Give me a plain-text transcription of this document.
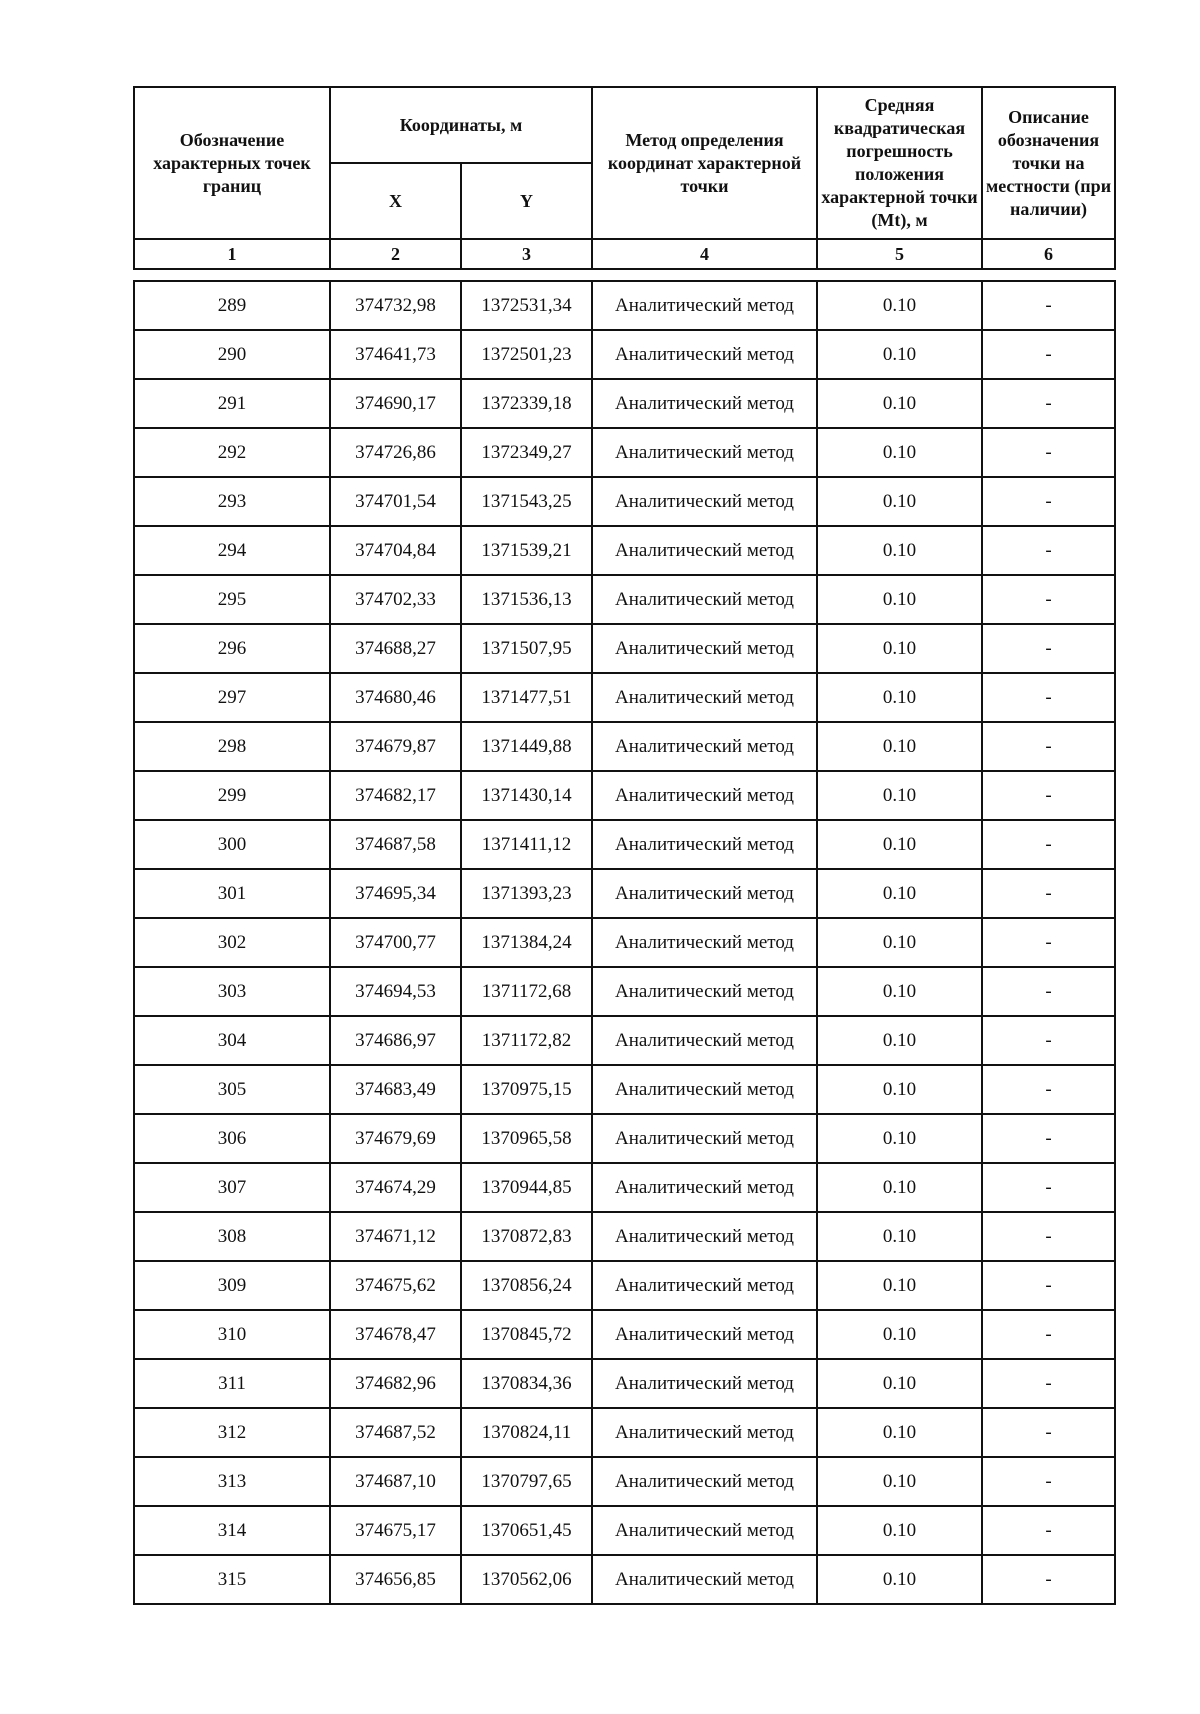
Обозначение характерных точек границ	Координаты, м		Метод определения координат характерной точки	Средняя квадратическая погрешность положения характерной точки (Mt), м	Описание обозначения точки на местности (при наличии)
	X	Y			
1	2	3	4	5	6
289	374732,98	1372531,34	Аналитический метод	0.10	-
290	374641,73	1372501,23	Аналитический метод	0.10	-
291	374690,17	1372339,18	Аналитический метод	0.10	-
292	374726,86	1372349,27	Аналитический метод	0.10	-
293	374701,54	1371543,25	Аналитический метод	0.10	-
294	374704,84	1371539,21	Аналитический метод	0.10	-
295	374702,33	1371536,13	Аналитический метод	0.10	-
296	374688,27	1371507,95	Аналитический метод	0.10	-
297	374680,46	1371477,51	Аналитический метод	0.10	-
298	374679,87	1371449,88	Аналитический метод	0.10	-
299	374682,17	1371430,14	Аналитический метод	0.10	-
300	374687,58	1371411,12	Аналитический метод	0.10	-
301	374695,34	1371393,23	Аналитический метод	0.10	-
302	374700,77	1371384,24	Аналитический метод	0.10	-
303	374694,53	1371172,68	Аналитический метод	0.10	-
304	374686,97	1371172,82	Аналитический метод	0.10	-
305	374683,49	1370975,15	Аналитический метод	0.10	-
306	374679,69	1370965,58	Аналитический метод	0.10	-
307	374674,29	1370944,85	Аналитический метод	0.10	-
308	374671,12	1370872,83	Аналитический метод	0.10	-
309	374675,62	1370856,24	Аналитический метод	0.10	-
310	374678,47	1370845,72	Аналитический метод	0.10	-
311	374682,96	1370834,36	Аналитический метод	0.10	-
312	374687,52	1370824,11	Аналитический метод	0.10	-
313	374687,10	1370797,65	Аналитический метод	0.10	-
314	374675,17	1370651,45	Аналитический метод	0.10	-
315	374656,85	1370562,06	Аналитический метод	0.10	-
